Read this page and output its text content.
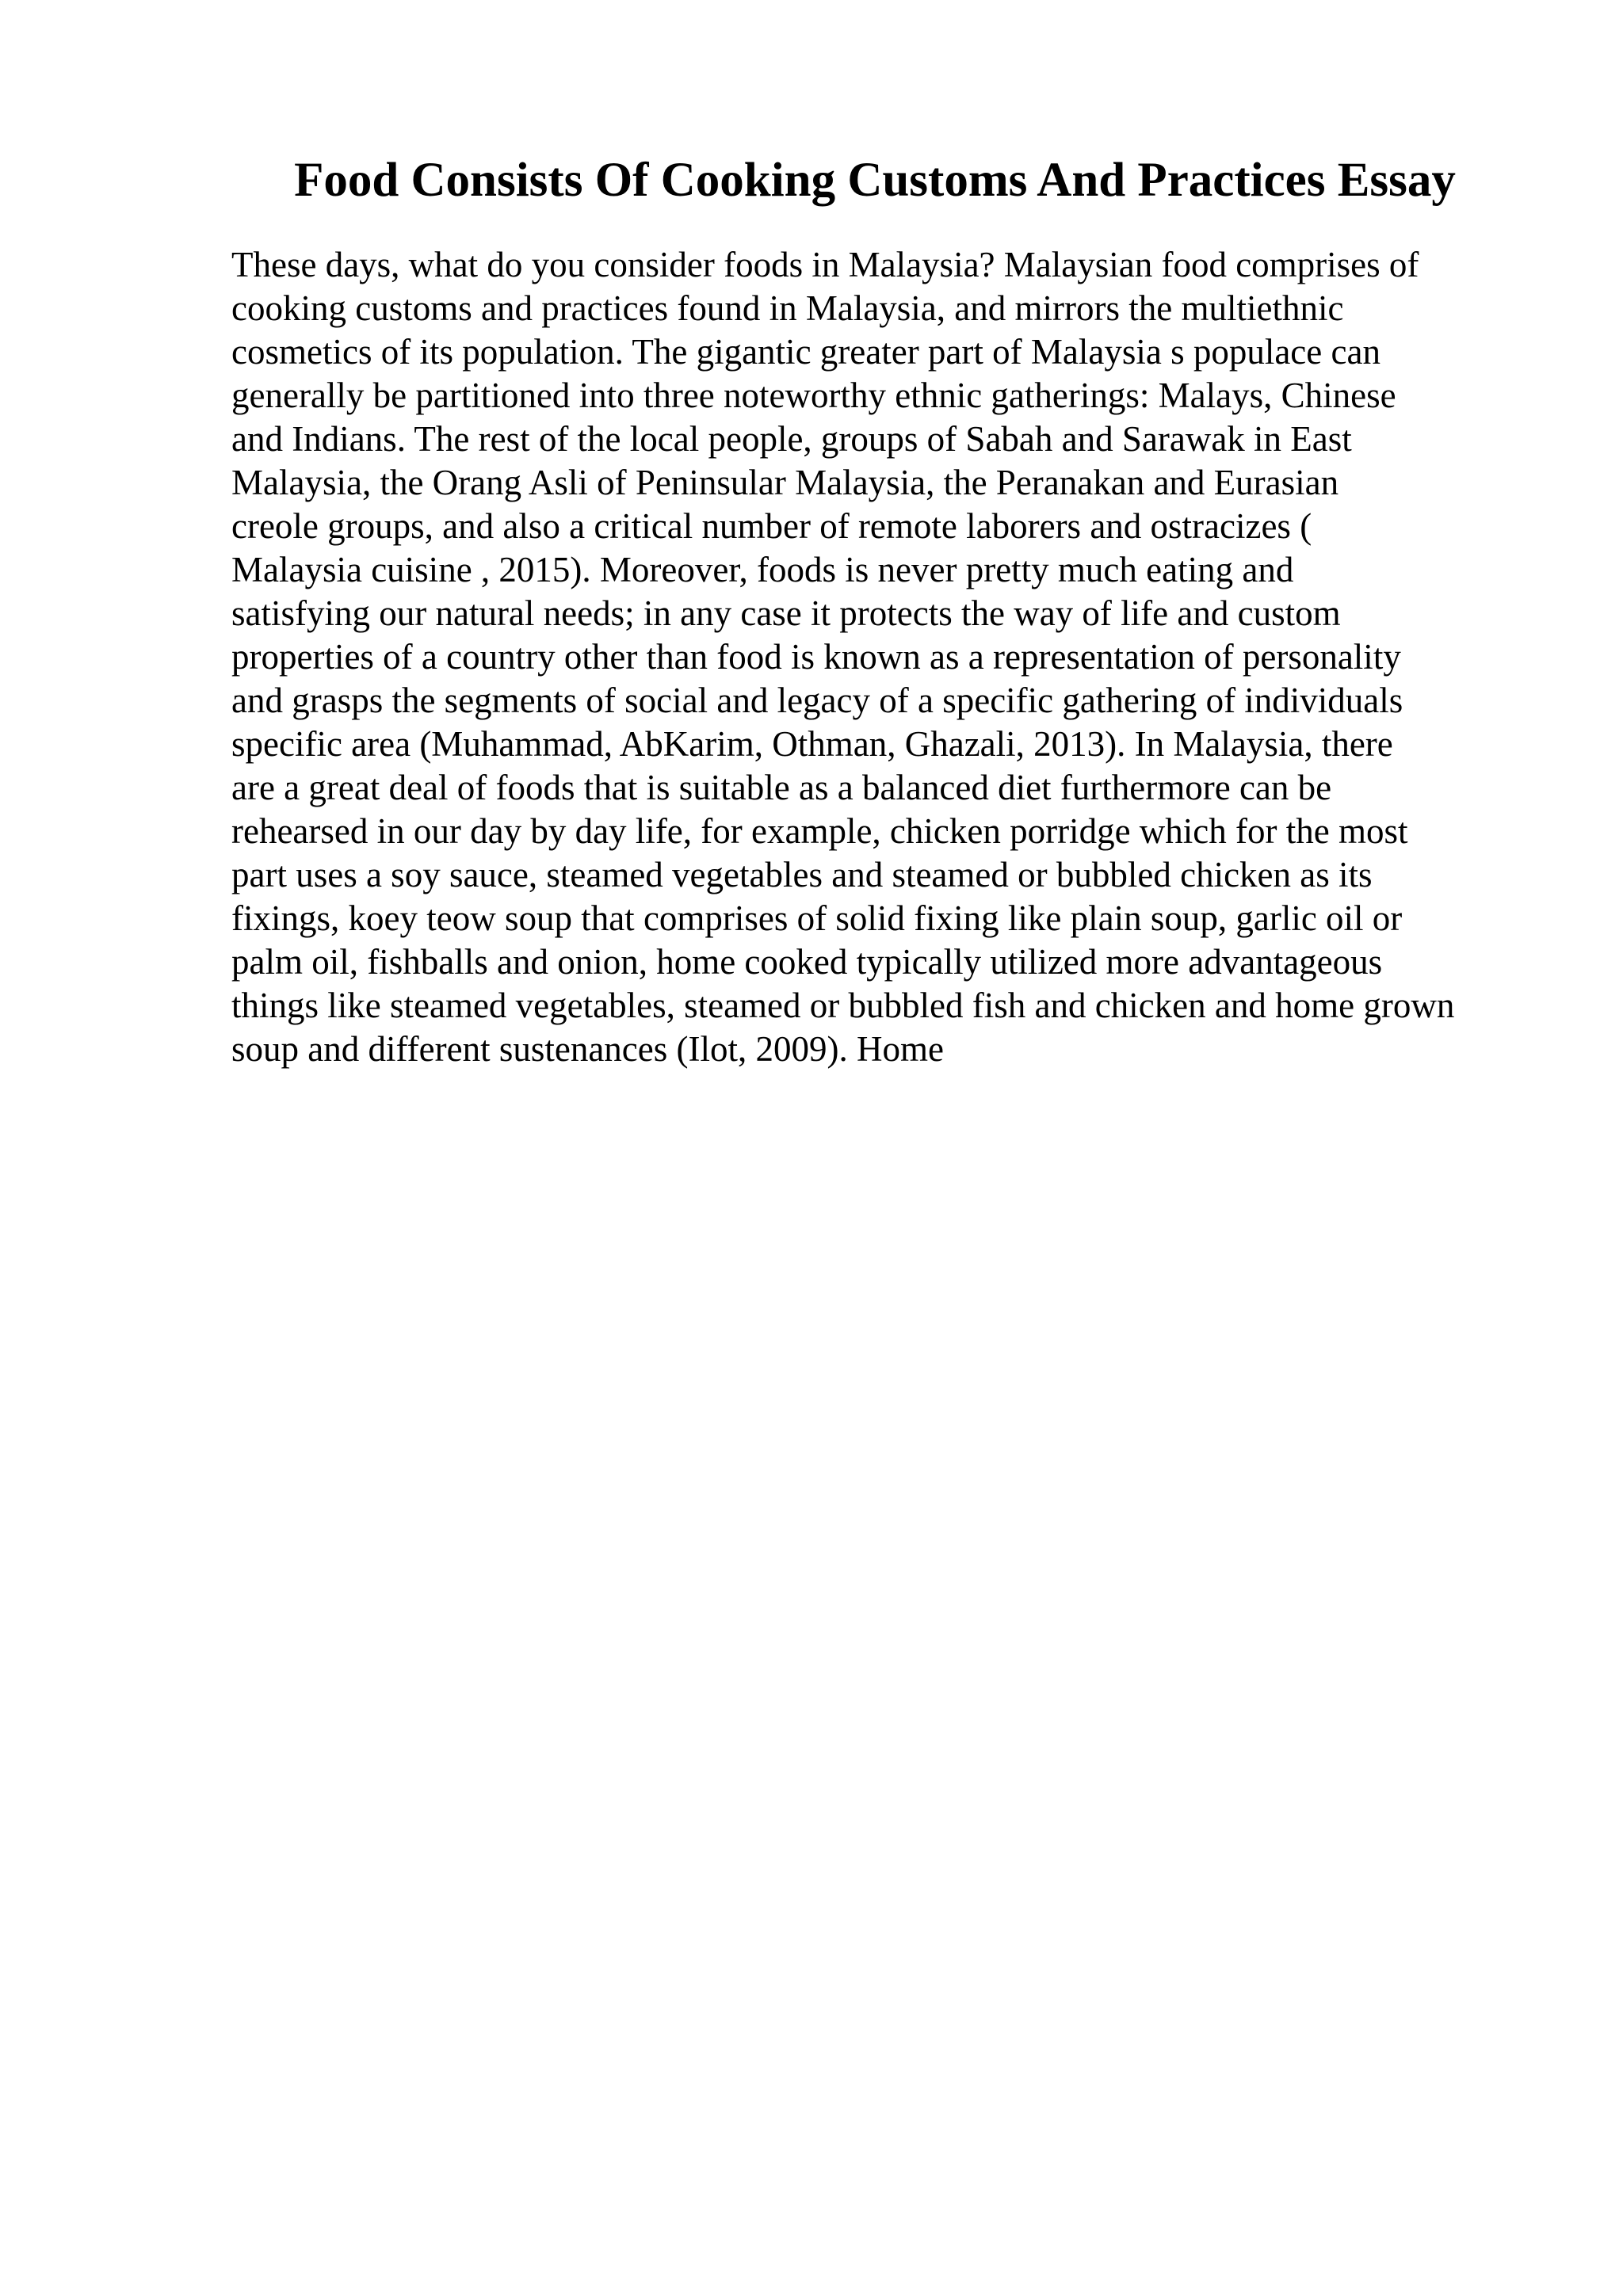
Food Consists Of Cooking Customs And Practices Essay
These days, what do you consider foods in Malaysia? Malaysian food comprises of
cooking customs and practices found in Malaysia, and mirrors the multiethnic
cosmetics of its population. The gigantic greater part of Malaysia s populace can
generally be partitioned into three noteworthy ethnic gatherings: Malays, Chinese
and Indians. The rest of the local people, groups of Sabah and Sarawak in East
Malaysia, the Orang Asli of Peninsular Malaysia, the Peranakan and Eurasian
creole groups, and also a critical number of remote laborers and ostracizes (
Malaysia cuisine , 2015). Moreover, foods is never pretty much eating and
satisfying our natural needs; in any case it protects the way of life and custom
properties of a country other than food is known as a representation of personality
and grasps the segments of social and legacy of a specific gathering of individuals
specific area (Muhammad, AbKarim, Othman, Ghazali, 2013). In Malaysia, there
are a great deal of foods that is suitable as a balanced diet furthermore can be
rehearsed in our day by day life, for example, chicken porridge which for the most
part uses a soy sauce, steamed vegetables and steamed or bubbled chicken as its
fixings, koey teow soup that comprises of solid fixing like plain soup, garlic oil or
palm oil, fishballs and onion, home cooked typically utilized more advantageous
things like steamed vegetables, steamed or bubbled fish and chicken and home grown
soup and different sustenances (Ilot, 2009). Home
